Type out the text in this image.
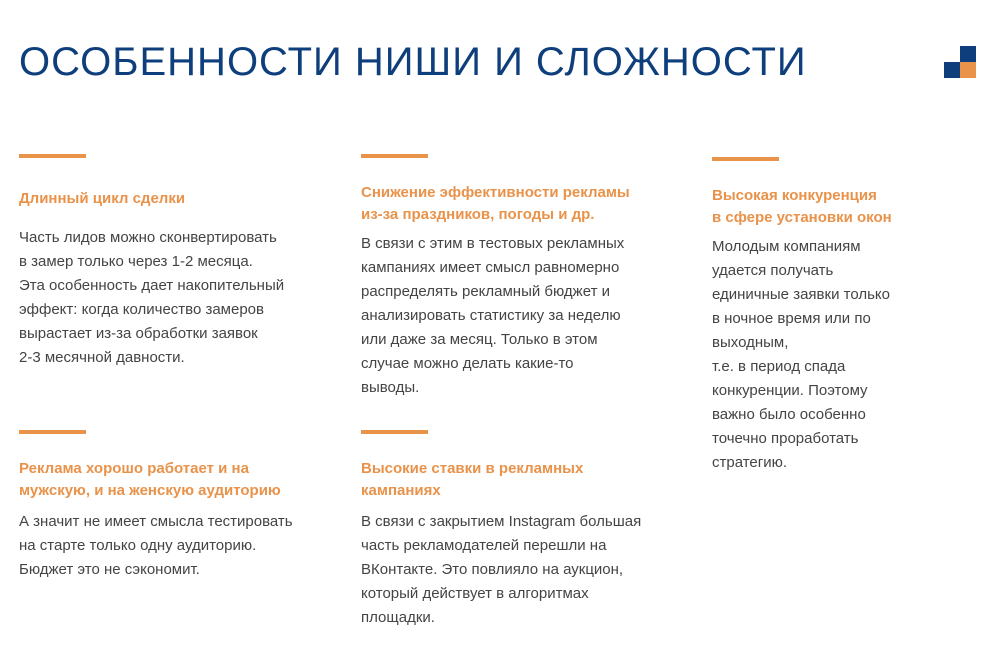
ОСОБЕННОСТИ НИШИ И СЛОЖНОСТИ
Длинный цикл сделки
Часть лидов можно сконвертировать
в замер только через 1-2 месяца.
Эта особенность дает накопительный
эффект: когда количество замеров
вырастает из-за обработки заявок
2-3 месячной давности.
Снижение эффективности рекламы
из-за праздников, погоды и др.
В связи с этим в тестовых рекламных
кампаниях имеет смысл равномерно
распределять рекламный бюджет и
анализировать статистику за неделю
или даже за месяц. Только в этом
случае можно делать какие-то
выводы.
Высокая конкуренция
в сфере установки окон
Молодым компаниям
удается получать
единичные заявки только
в ночное время или по
выходным,
т.е. в период спада
конкуренции. Поэтому
важно было особенно
точечно проработать
стратегию.
Реклама хорошо работает и на
мужскую, и на женскую аудиторию
А значит не имеет смысла тестировать
на старте только одну аудиторию.
Бюджет это не сэкономит.
Высокие ставки в рекламных
кампаниях
В связи с закрытием Instagram большая
часть рекламодателей перешли на
ВКонтакте. Это повлияло на аукцион,
который действует в алгоритмах
площадки.
